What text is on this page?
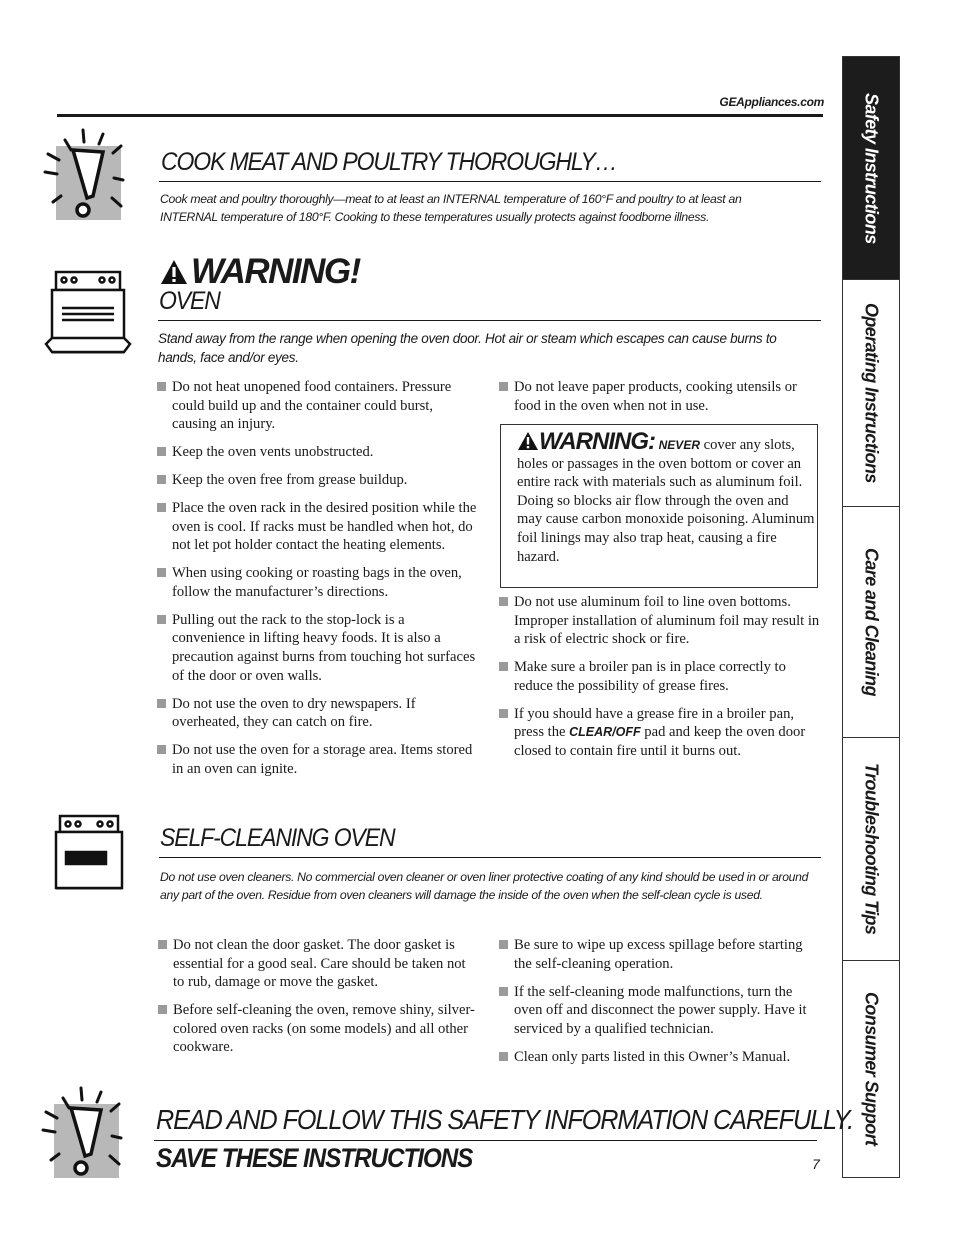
GEAppliances.com Safety Instructions
Operating Instructions
Care and Cleaning
Troubleshooting Tips
Consumer Support
COOK MEAT AND POULTRY THOROUGHLY…
Cook meat and poultry thoroughly—meat to at least an INTERNAL temperature of 160°F and poultry to at least an INTERNAL temperature of 180°F. Cooking to these temperatures usually protects against foodborne illness.
WARNING!
OVEN
Stand away from the range when opening the oven door. Hot air or steam which escapes can cause burns to hands, face and/or eyes.
Do not heat unopened food containers. Pressure could build up and the container could burst, causing an injury.
Keep the oven vents unobstructed.
Keep the oven free from grease buildup.
Place the oven rack in the desired position while the oven is cool. If racks must be handled when hot, do not let pot holder contact the heating elements.
When using cooking or roasting bags in the oven, follow the manufacturer’s directions.
Pulling out the rack to the stop-lock is a convenience in lifting heavy foods. It is also a precaution against burns from touching hot surfaces of the door or oven walls.
Do not use the oven to dry newspapers. If overheated, they can catch on fire.
Do not use the oven for a storage area. Items stored in an oven can ignite.
Do not leave paper products, cooking utensils or food in the oven when not in use.
WARNING: NEVER cover any slots, holes or passages in the oven bottom or cover an entire rack with materials such as aluminum foil. Doing so blocks air flow through the oven and may cause carbon monoxide poisoning. Aluminum foil linings may also trap heat, causing a fire hazard.
Do not use aluminum foil to line oven bottoms. Improper installation of aluminum foil may result in a risk of electric shock or fire.
Make sure a broiler pan is in place correctly to reduce the possibility of grease fires.
If you should have a grease fire in a broiler pan, press the CLEAR/OFF pad and keep the oven door closed to contain fire until it burns out.
SELF-CLEANING OVEN
Do not use oven cleaners. No commercial oven cleaner or oven liner protective coating of any kind should be used in or around any part of the oven. Residue from oven cleaners will damage the inside of the oven when the self-clean cycle is used.
Do not clean the door gasket. The door gasket is essential for a good seal. Care should be taken not to rub, damage or move the gasket.
Before self-cleaning the oven, remove shiny, silver-colored oven racks (on some models) and all other cookware.
Be sure to wipe up excess spillage before starting the self-cleaning operation.
If the self-cleaning mode malfunctions, turn the oven off and disconnect the power supply. Have it serviced by a qualified technician.
Clean only parts listed in this Owner’s Manual.
READ AND FOLLOW THIS SAFETY INFORMATION CAREFULLY.
SAVE THESE INSTRUCTIONS	7
